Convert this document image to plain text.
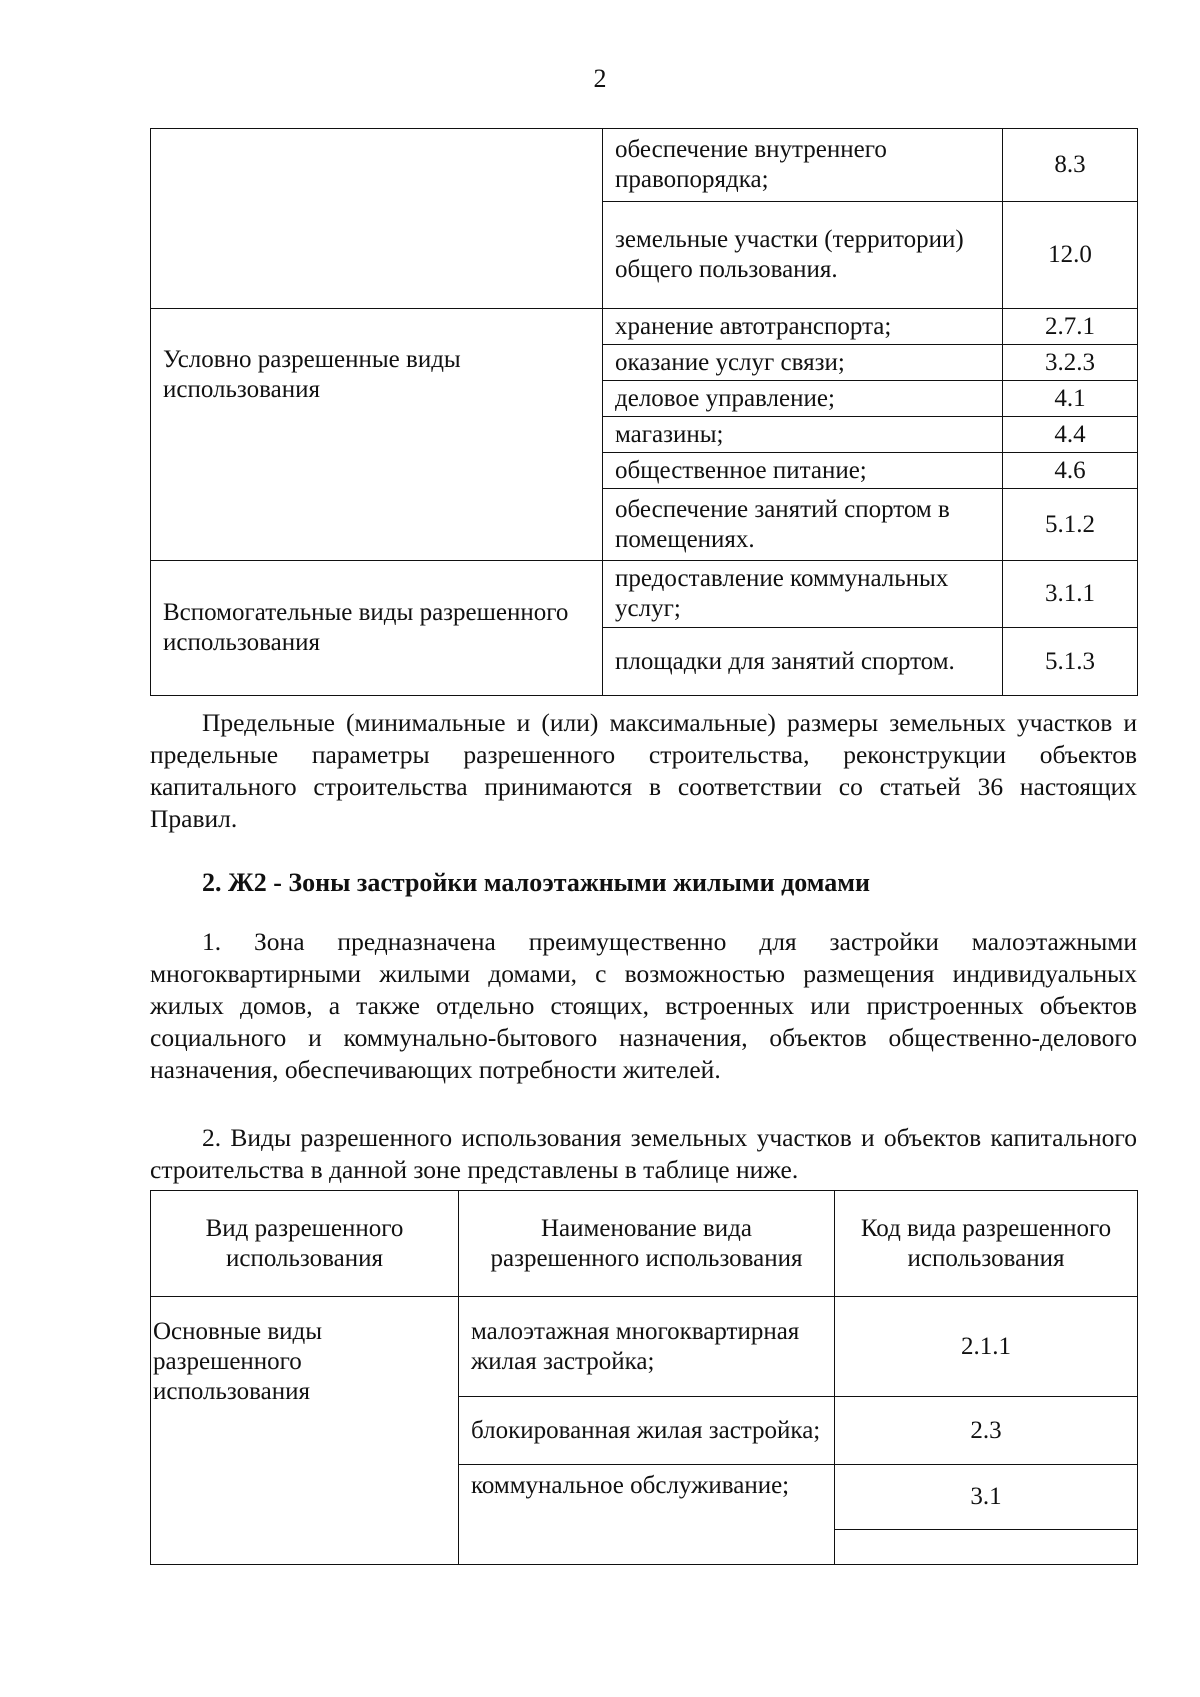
2
	обеспечение внутреннего правопорядка;	8.3
	земельные участки (территории) общего пользования.	12.0

Условно разрешенные виды использования	хранение автотранспорта;	2.7.1
	оказание услуг связи;	3.2.3
	деловое управление;	4.1
	магазины;	4.4
	общественное питание;	4.6
	обеспечение занятий спортом в помещениях.	5.1.2
Вспомогательные виды разрешенного использования	предоставление коммунальных услуг;	3.1.1
	площадки для занятий спортом.	5.1.3

Предельные (минимальные и (или) максимальные) размеры земельных участков и предельные параметры разрешенного строительства, реконструкции объектов капитального строительства принимаются в соответствии со статьей 36 настоящих Правил.

2. Ж2 - Зоны застройки малоэтажными жилыми домами

1. Зона предназначена преимущественно для застройки малоэтажными многоквартирными жилыми домами, с возможностью размещения индивидуальных жилых домов, а также отдельно стоящих, встроенных или пристроенных объектов социального и коммунально-бытового назначения, объектов общественно-делового назначения, обеспечивающих потребности жителей.

2. Виды разрешенного использования земельных участков и объектов капитального строительства в данной зоне представлены в таблице ниже.

Вид разрешенного использования	Наименование вида разрешенного использования	Код вида разрешенного использования
Основные виды разрешенного использования	малоэтажная многоквартирная жилая застройка;	2.1.1
	блокированная жилая застройка;	2.3
	коммунальное обслуживание;	3.1
